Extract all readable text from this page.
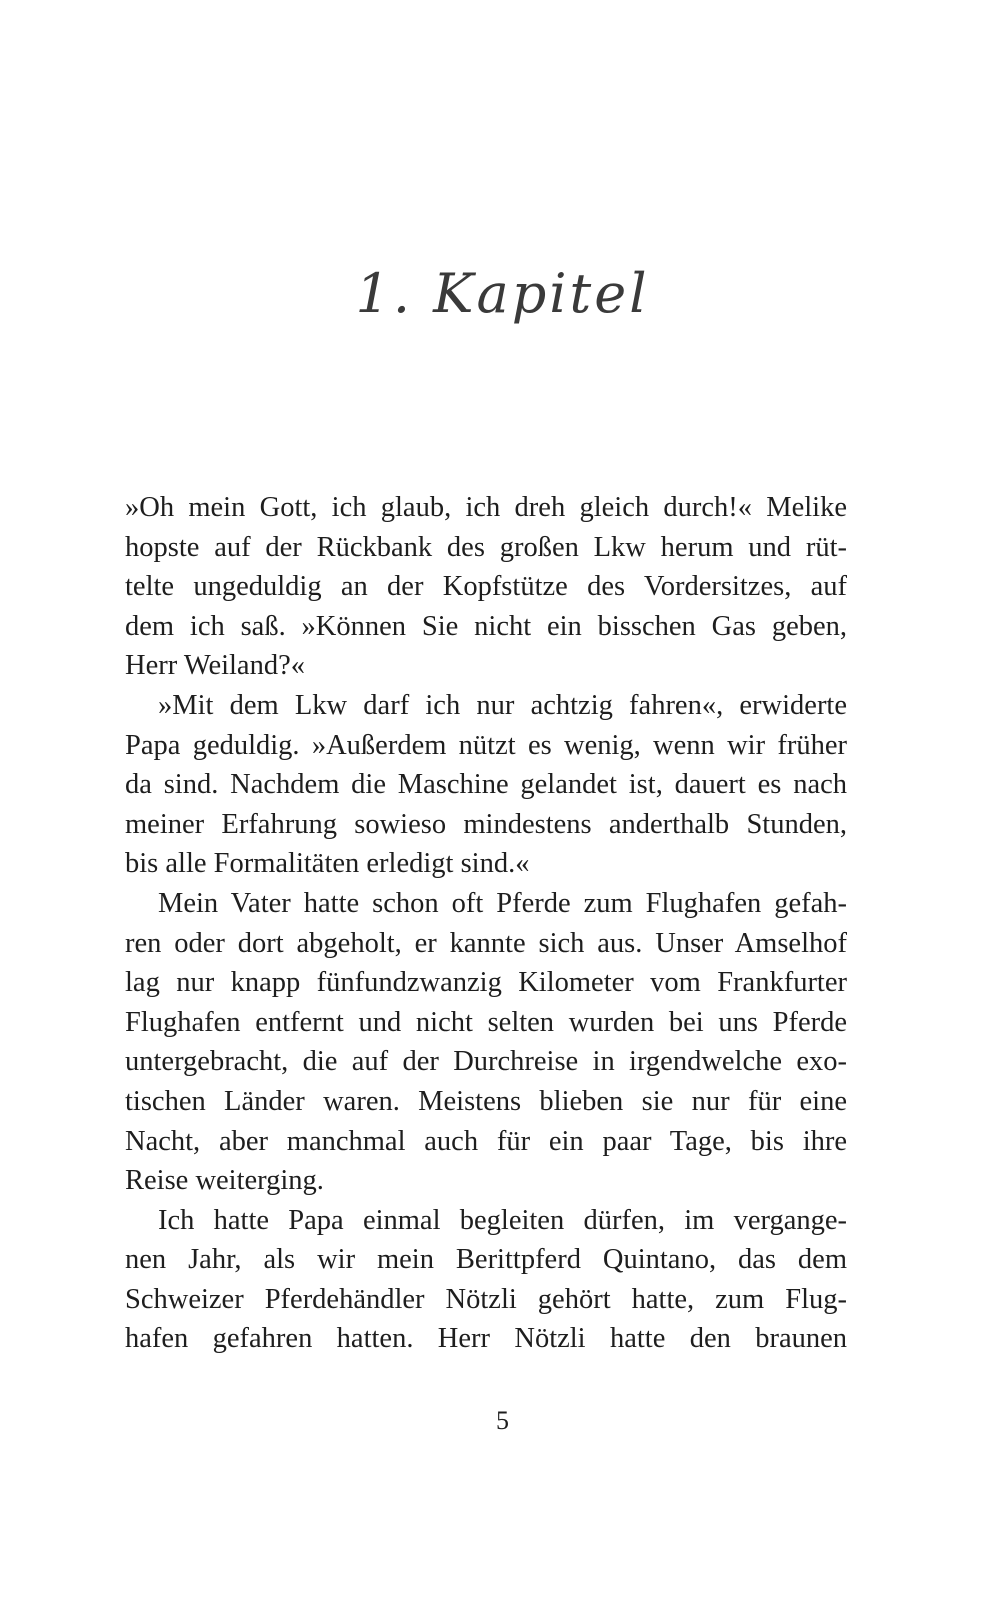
1. Kapitel
»Oh mein Gott, ich glaub, ich dreh gleich durch!« Melike
hopste auf der Rückbank des großen Lkw herum und rüt-
telte ungeduldig an der Kopfstütze des Vordersitzes, auf
dem ich saß. »Können Sie nicht ein bisschen Gas geben,
Herr Weiland?«
»Mit dem Lkw darf ich nur achtzig fahren«, erwiderte
Papa geduldig. »Außerdem nützt es wenig, wenn wir früher
da sind. Nachdem die Maschine gelandet ist, dauert es nach
meiner Erfahrung sowieso mindestens anderthalb Stunden,
bis alle Formalitäten erledigt sind.«
Mein Vater hatte schon oft Pferde zum Flughafen gefah-
ren oder dort abgeholt, er kannte sich aus. Unser Amselhof
lag nur knapp fünfundzwanzig Kilometer vom Frankfurter
Flughafen entfernt und nicht selten wurden bei uns Pferde
untergebracht, die auf der Durchreise in irgendwelche exo-
tischen Länder waren. Meistens blieben sie nur für eine
Nacht, aber manchmal auch für ein paar Tage, bis ihre
Reise weiterging.
Ich hatte Papa einmal begleiten dürfen, im vergange-
nen Jahr, als wir mein Berittpferd Quintano, das dem
Schweizer Pferdehändler Nötzli gehört hatte, zum Flug-
hafen gefahren hatten. Herr Nötzli hatte den braunen
5
